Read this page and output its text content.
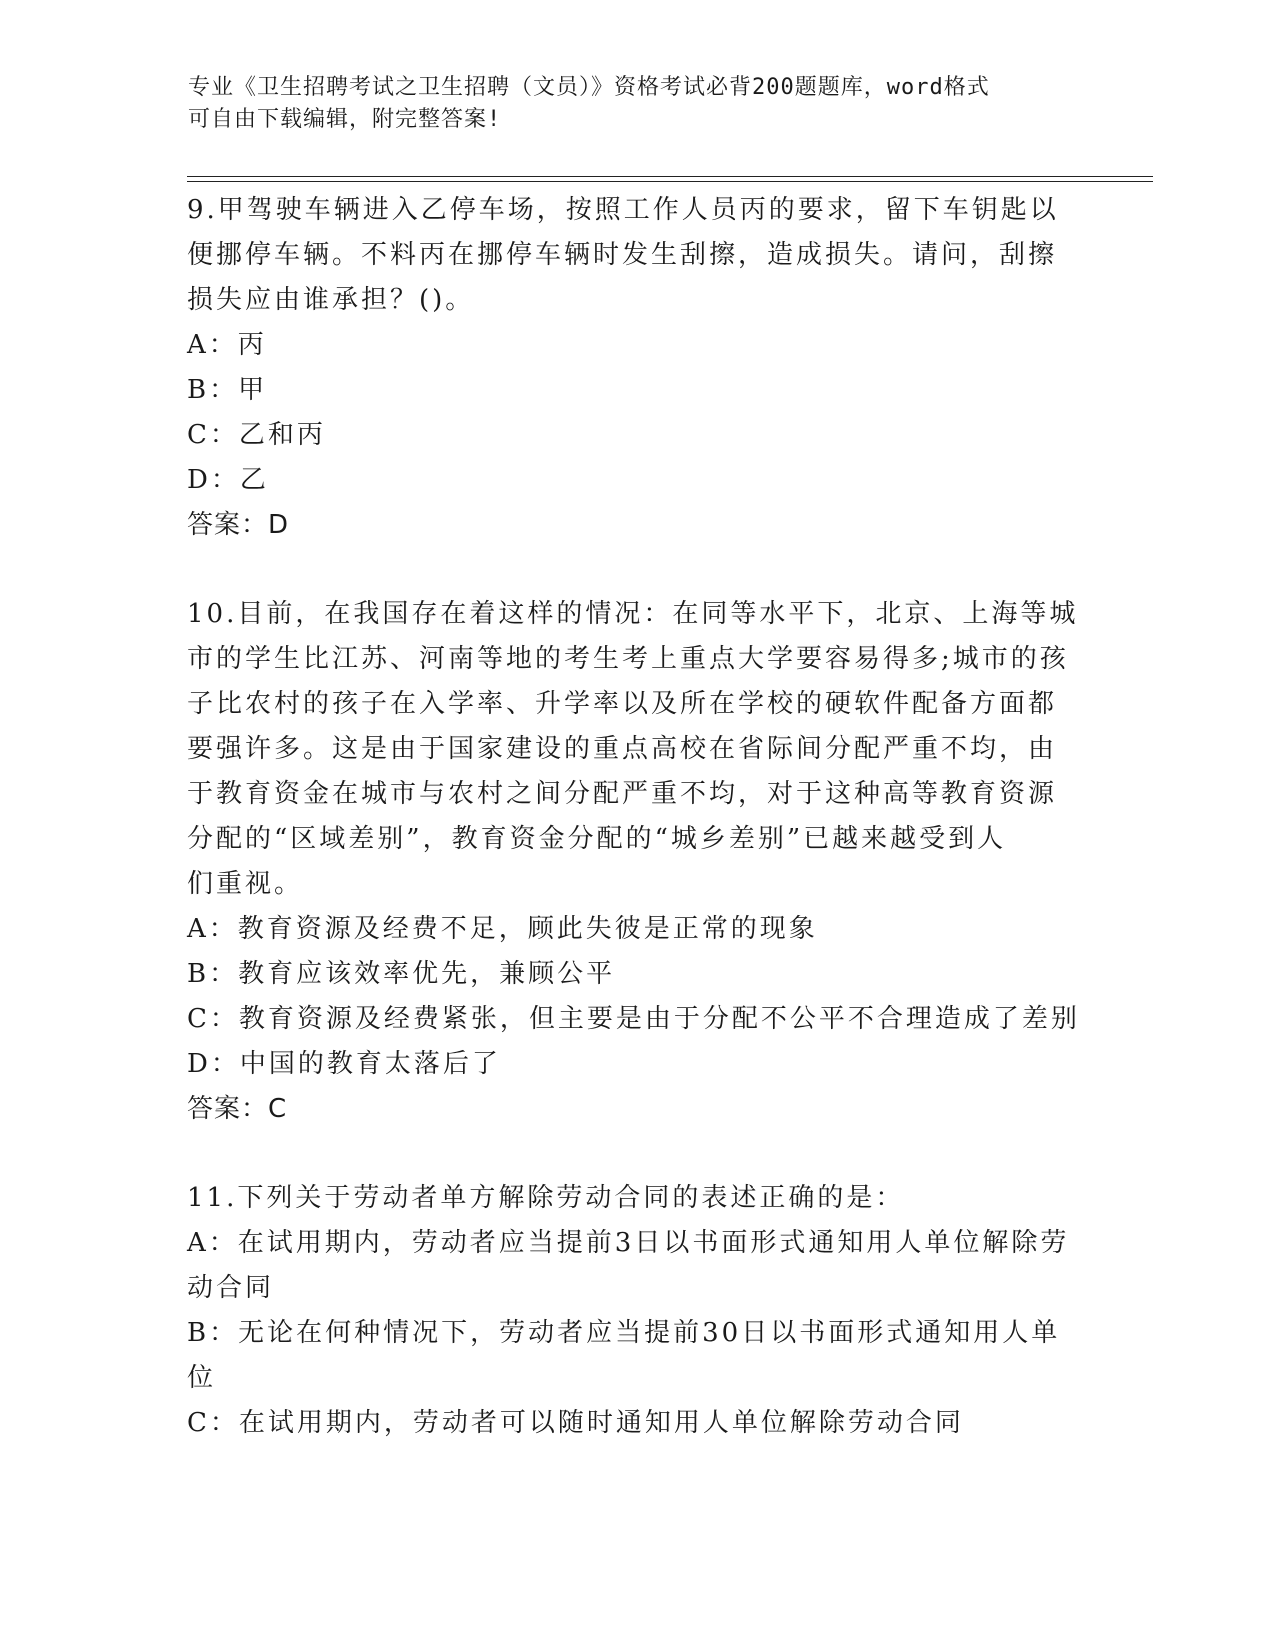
专业《卫生招聘考试之卫生招聘（文员）》资格考试必背200题题库，word格式
可自由下载编辑，附完整答案!
9.甲驾驶车辆进入乙停车场，按照工作人员丙的要求，留下车钥匙以
便挪停车辆。不料丙在挪停车辆时发生刮擦，造成损失。请问，刮擦
损失应由谁承担？()。
A：丙
B：甲
C：乙和丙
D：乙
答案：D
10.目前，在我国存在着这样的情况：在同等水平下，北京、上海等城
市的学生比江苏、河南等地的考生考上重点大学要容易得多;城市的孩
子比农村的孩子在入学率、升学率以及所在学校的硬软件配备方面都
要强许多。这是由于国家建设的重点高校在省际间分配严重不均，由
于教育资金在城市与农村之间分配严重不均，对于这种高等教育资源
分配的“区域差别”，教育资金分配的“城乡差别”已越来越受到人
们重视。
A：教育资源及经费不足，顾此失彼是正常的现象
B：教育应该效率优先，兼顾公平
C：教育资源及经费紧张，但主要是由于分配不公平不合理造成了差别
D：中国的教育太落后了
答案：C
11.下列关于劳动者单方解除劳动合同的表述正确的是：
A：在试用期内，劳动者应当提前3日以书面形式通知用人单位解除劳
动合同
B：无论在何种情况下，劳动者应当提前30日以书面形式通知用人单
位
C：在试用期内，劳动者可以随时通知用人单位解除劳动合同
